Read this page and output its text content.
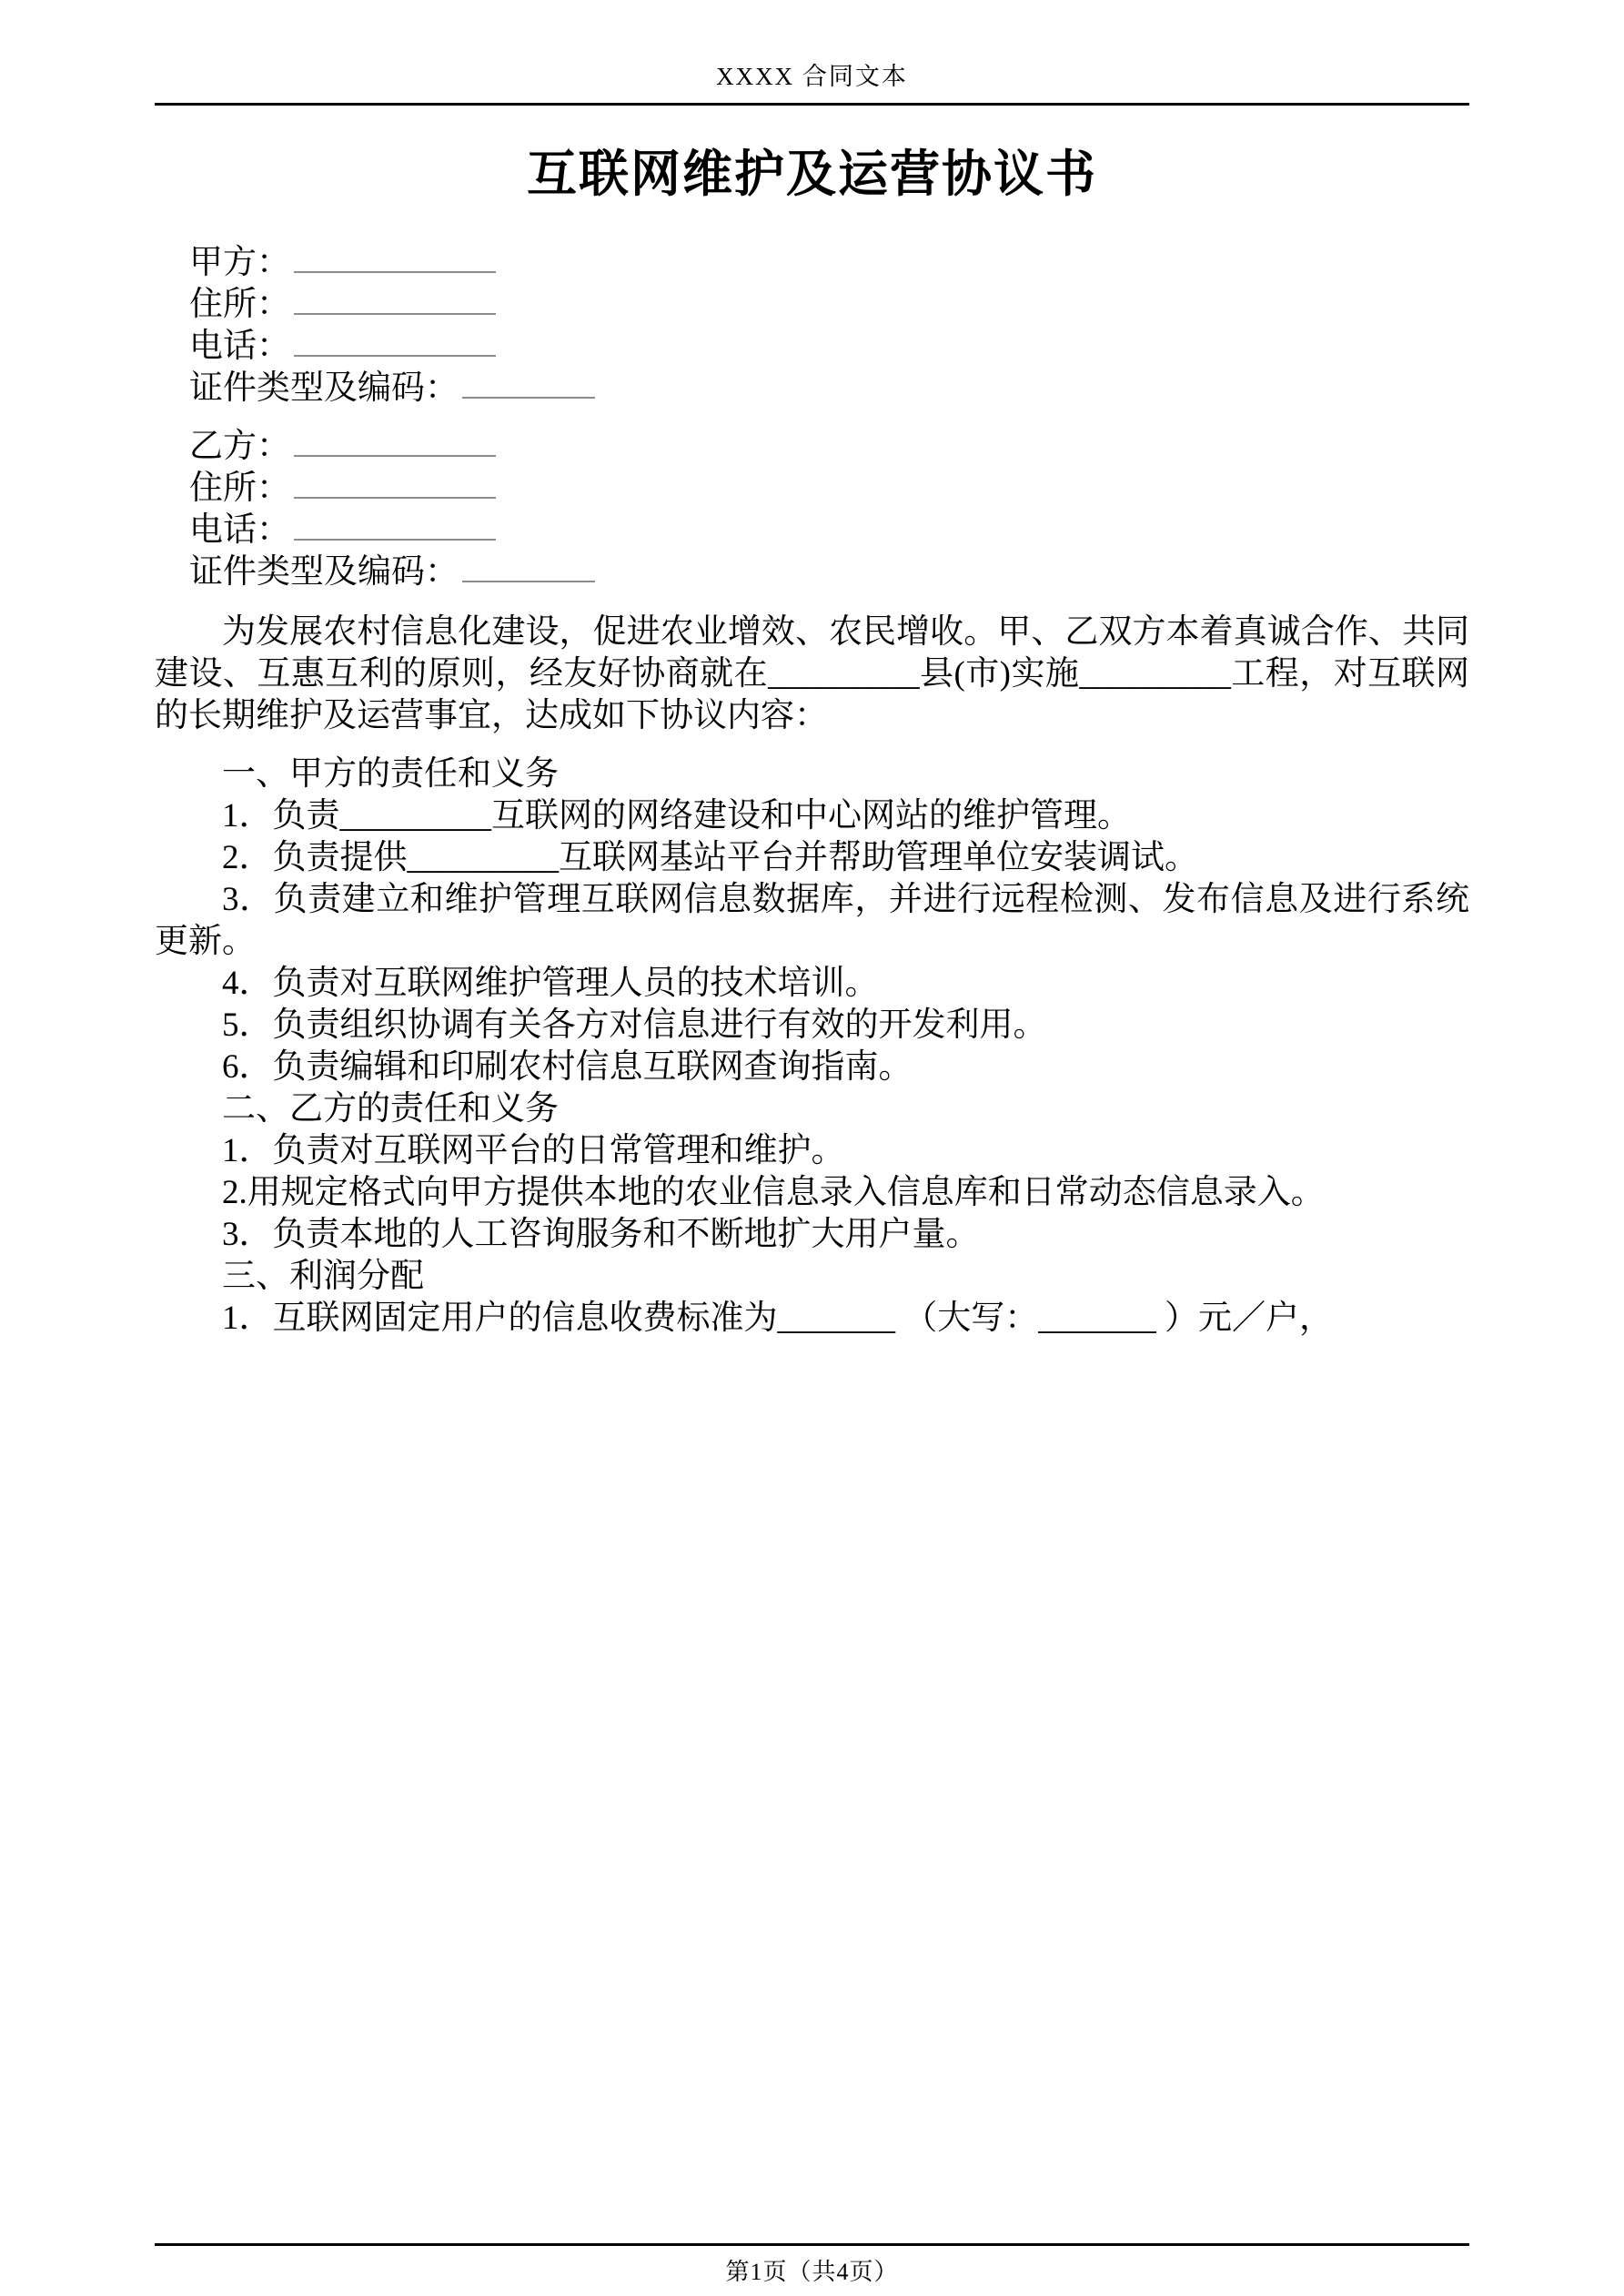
XXXX 合同文本
互联网维护及运营协议书
甲方：
住所：
电话：
证件类型及编码：
乙方：
住所：
电话：
证件类型及编码：

为发展农村信息化建设，促进农业增效、农民增收。甲、乙双方本着真诚合作、共同建设、互惠互利的原则，经友好协商就在_________县(市)实施_________工程，对互联网的长期维护及运营事宜，达成如下协议内容：

一、甲方的责任和义务

1．负责_________互联网的网络建设和中心网站的维护管理。

2．负责提供_________互联网基站平台并帮助管理单位安装调试。

3．负责建立和维护管理互联网信息数据库，并进行远程检测、发布信息及进行系统更新。

4．负责对互联网维护管理人员的技术培训。

5．负责组织协调有关各方对信息进行有效的开发利用。

6．负责编辑和印刷农村信息互联网查询指南。

二、乙方的责任和义务

1．负责对互联网平台的日常管理和维护。

2.用规定格式向甲方提供本地的农业信息录入信息库和日常动态信息录入。

3．负责本地的人工咨询服务和不断地扩大用户量。

三、利润分配

1．互联网固定用户的信息收费标准为_______ （大写：_______ ）元／户，

第1页（共4页）
